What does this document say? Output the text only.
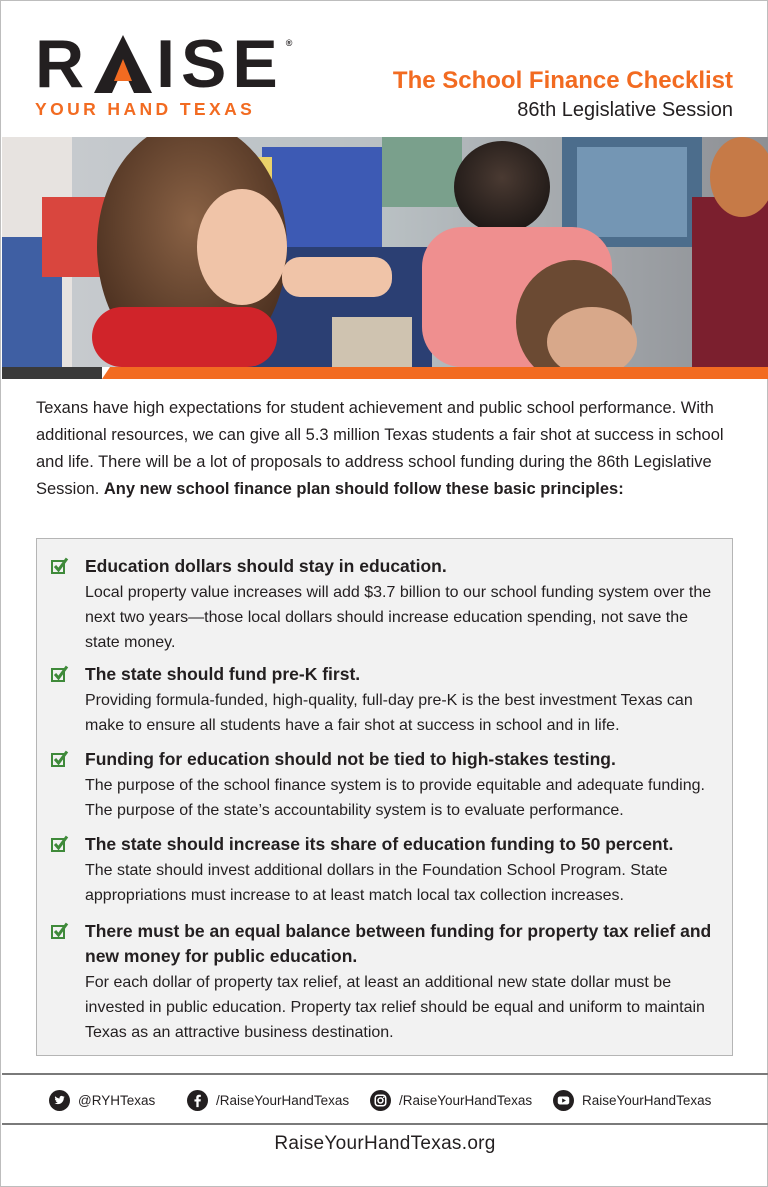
R I S E ®
YOUR HAND TEXAS
The School Finance Checklist
86th Legislative Session

Texans have high expectations for student achievement and public school performance. With additional resources, we can give all 5.3 million Texas students a fair shot at success in school and life. There will be a lot of proposals to address school funding during the 86th Legislative Session. Any new school finance plan should follow these basic principles:

Education dollars should stay in education.
Local property value increases will add $3.7 billion to our school funding system over the next two years—those local dollars should increase education spending, not save the state money.
The state should fund pre-K first.
Providing formula-funded, high-quality, full-day pre-K is the best investment Texas can make to ensure all students have a fair shot at success in school and in life.
Funding for education should not be tied to high-stakes testing.
The purpose of the school finance system is to provide equitable and adequate funding. The purpose of the state’s accountability system is to evaluate performance.
The state should increase its share of education funding to 50 percent.
The state should invest additional dollars in the Foundation School Program. State appropriations must increase to at least match local tax collection increases.
There must be an equal balance between funding for property tax relief and new money for public education.
For each dollar of property tax relief, at least an additional new state dollar must be invested in public education. Property tax relief should be equal and uniform to maintain Texas as an attractive business destination.
@RYHTexas	/RaiseYourHandTexas	/RaiseYourHandTexas	RaiseYourHandTexas
RaiseYourHandTexas.org
